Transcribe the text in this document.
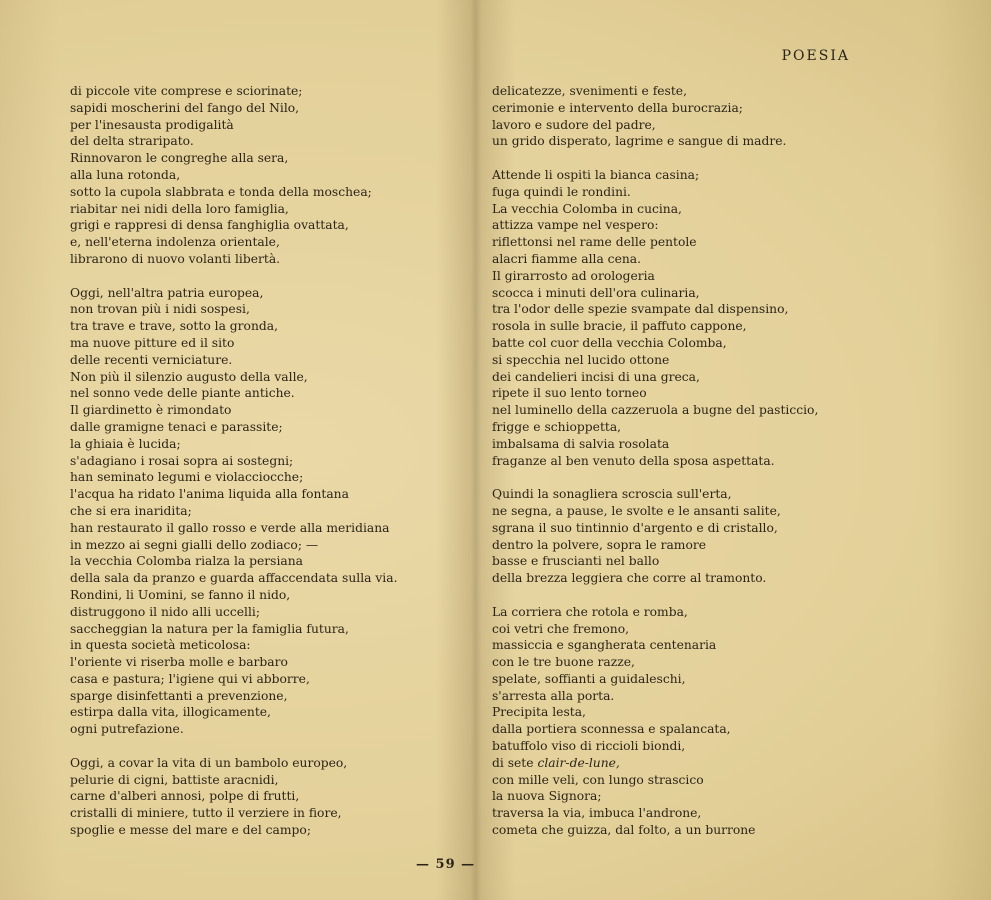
POESIA
di piccole vite comprese e sciorinate;
sapidi moscherini del fango del Nilo,
per l'inesausta prodigalità
del delta straripato.
Rinnovaron le congreghe alla sera,
alla luna rotonda,
sotto la cupola slabbrata e tonda della moschea;
riabitar nei nidi della loro famiglia,
grigi e rappresi di densa fanghiglia ovattata,
e, nell'eterna indolenza orientale,
librarono di nuovo volanti libertà.
Oggi, nell'altra patria europea,
non trovan più i nidi sospesi,
tra trave e trave, sotto la gronda,
ma nuove pitture ed il sito
delle recenti verniciature.
Non più il silenzio augusto della valle,
nel sonno vede delle piante antiche.
Il giardinetto è rimondato
dalle gramigne tenaci e parassite;
la ghiaia è lucida;
s'adagiano i rosai sopra ai sostegni;
han seminato legumi e violacciocche;
l'acqua ha ridato l'anima liquida alla fontana
che si era inaridita;
han restaurato il gallo rosso e verde alla meridiana
in mezzo ai segni gialli dello zodiaco; —
la vecchia Colomba rialza la persiana
della sala da pranzo e guarda affaccendata sulla via.
Rondini, li Uomini, se fanno il nido,
distruggono il nido alli uccelli;
saccheggian la natura per la famiglia futura,
in questa società meticolosa:
l'oriente vi riserba molle e barbaro
casa e pastura; l'igiene qui vi abborre,
sparge disinfettanti a prevenzione,
estirpa dalla vita, illogicamente,
ogni putrefazione.
Oggi, a covar la vita di un bambolo europeo,
pelurie di cigni, battiste aracnidi,
carne d'alberi annosi, polpe di frutti,
cristalli di miniere, tutto il verziere in fiore,
spoglie e messe del mare e del campo;
delicatezze, svenimenti e feste,
cerimonie e intervento della burocrazia;
lavoro e sudore del padre,
un grido disperato, lagrime e sangue di madre.
Attende li ospiti la bianca casina;
fuga quindi le rondini.
La vecchia Colomba in cucina,
attizza vampe nel vespero:
riflettonsi nel rame delle pentole
alacri fiamme alla cena.
Il girarrosto ad orologeria
scocca i minuti dell'ora culinaria,
tra l'odor delle spezie svampate dal dispensino,
rosola in sulle bracie, il paffuto cappone,
batte col cuor della vecchia Colomba,
si specchia nel lucido ottone
dei candelieri incisi di una greca,
ripete il suo lento torneo
nel luminello della cazzeruola a bugne del pasticcio,
frigge e schioppetta,
imbalsama di salvia rosolata
fraganze al ben venuto della sposa aspettata.
Quindi la sonagliera scroscia sull'erta,
ne segna, a pause, le svolte e le ansanti salite,
sgrana il suo tintinnio d'argento e di cristallo,
dentro la polvere, sopra le ramore
basse e fruscianti nel ballo
della brezza leggiera che corre al tramonto.
La corriera che rotola e romba,
coi vetri che fremono,
massiccia e sgangherata centenaria
con le tre buone razze,
spelate, soffianti a guidaleschi,
s'arresta alla porta.
Precipita lesta,
dalla portiera sconnessa e spalancata,
batuffolo viso di riccioli biondi,
di sete clair-de-lune,
con mille veli, con lungo strascico
la nuova Signora;
traversa la via, imbuca l'androne,
cometa che guizza, dal folto, a un burrone
— 59 —
